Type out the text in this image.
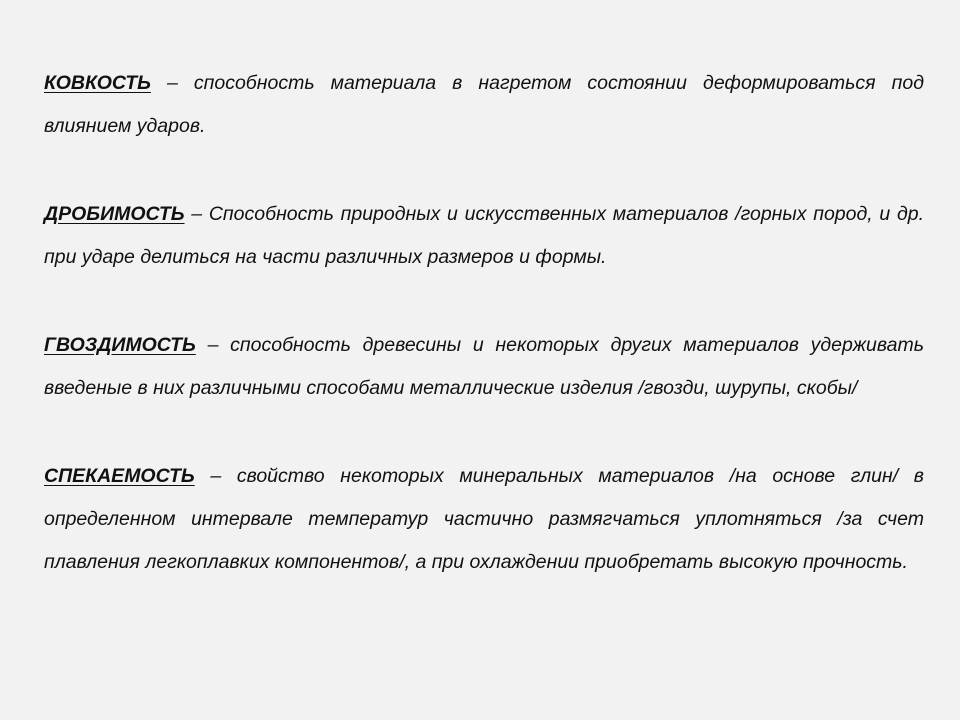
КОВКОСТЬ – способность материала в нагретом состоянии деформироваться под влиянием ударов.

ДРОБИМОСТЬ – Способность природных и искусственных материалов /горных пород, и др. при ударе делиться на части различных размеров и формы.

ГВОЗДИМОСТЬ – способность древесины и некоторых других материалов удерживать введеные в них различными способами металлические изделия /гвозди, шурупы, скобы/

СПЕКАЕМОСТЬ – свойство некоторых минеральных материалов /на основе глин/ в определенном интервале температур частично размягчаться уплотняться /за счет плавления легкоплавких компонентов/, а при охлаждении приобретать высокую прочность.
